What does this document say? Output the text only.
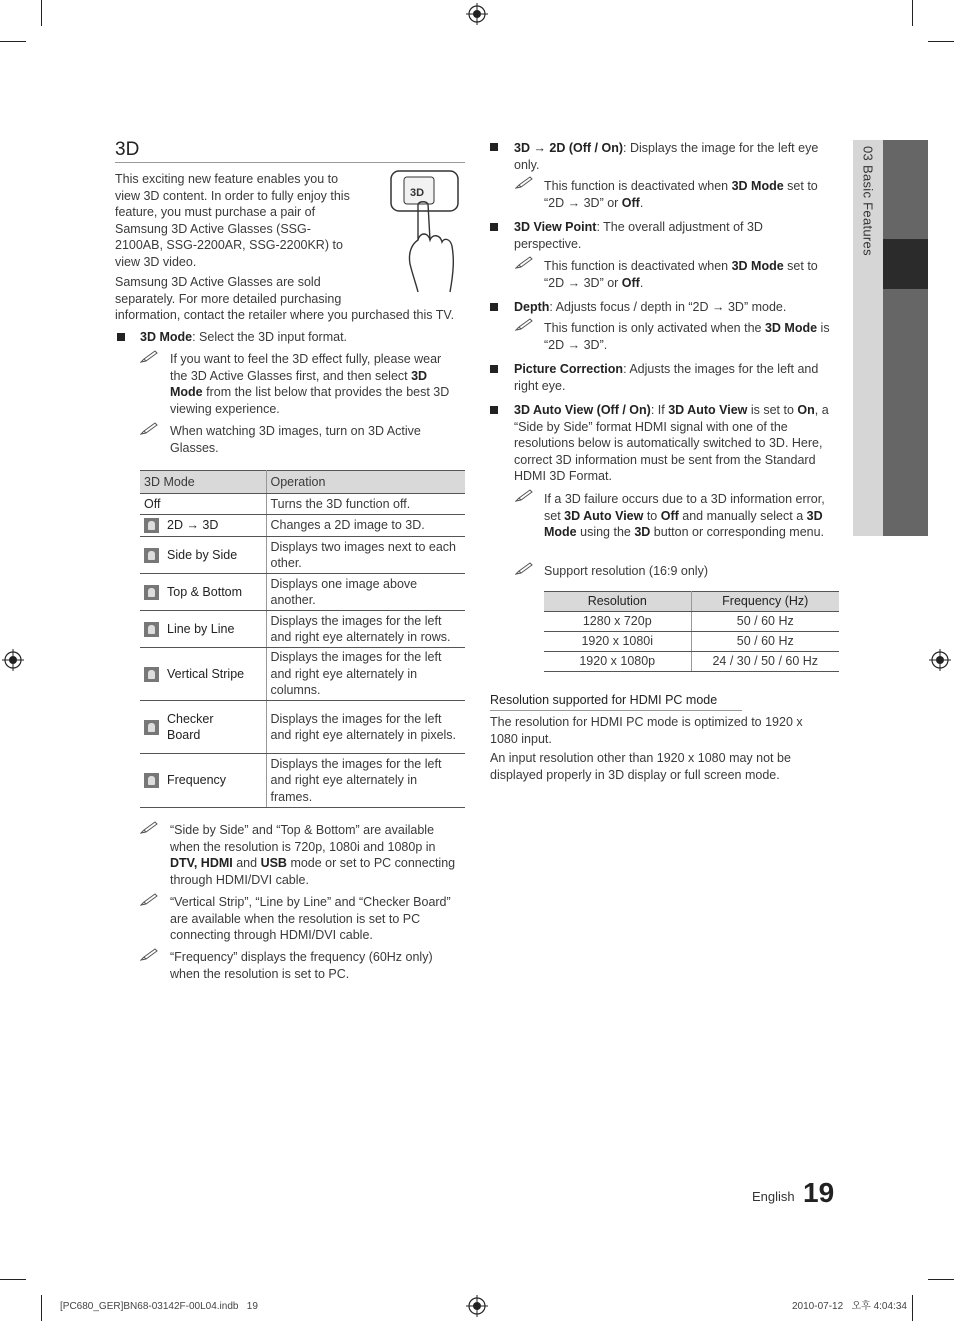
3D
This exciting new feature enables you to view 3D content. In order to fully enjoy this feature, you must purchase a pair of Samsung 3D Active Glasses (SSG-2100AB, SSG-2200AR, SSG-2200KR) to view 3D video.
Samsung 3D Active Glasses are sold separately. For more detailed purchasing
information, contact the retailer where you purchased this TV.
3D
3D Mode: Select the 3D input format.
If you want to feel the 3D effect fully, please wear the 3D Active Glasses first, and then select 3D Mode from the list below that provides the best 3D viewing experience.
When watching 3D images, turn on 3D Active Glasses.
3D Mode	Operation
Off	Turns the 3D function off.
2D → 3D	Changes a 2D image to 3D.
Side by Side	Displays two images next to each other.
Top & Bottom	Displays one image above another.
Line by Line	Displays the images for the left and right eye alternately in rows.
Vertical Stripe	Displays the images for the left and right eye alternately in columns.
Checker Board	Displays the images for the left and right eye alternately in pixels.
Frequency	Displays the images for the left and right eye alternately in frames.
“Side by Side” and “Top & Bottom” are available when the resolution is 720p, 1080i and 1080p in DTV, HDMI and USB mode or set to PC connecting through HDMI/DVI cable.
“Vertical Strip”, “Line by Line” and “Checker Board” are available when the resolution is set to PC connecting through HDMI/DVI cable.
“Frequency” displays the frequency (60Hz only) when the resolution is set to PC.
3D → 2D (Off / On): Displays the image for the left eye only.
This function is deactivated when 3D Mode set to “2D → 3D” or Off.
3D View Point: The overall adjustment of 3D perspective.
This function is deactivated when 3D Mode set to “2D → 3D” or Off.
Depth: Adjusts focus / depth in “2D → 3D” mode.
This function is only activated when the 3D Mode is “2D → 3D”.
Picture Correction: Adjusts the images for the left and right eye.
3D Auto View (Off / On): If 3D Auto View is set to On, a “Side by Side” format HDMI signal with one of the resolutions below is automatically switched to 3D. Here, correct 3D information must be sent from the Standard HDMI 3D Format.
If a 3D failure occurs due to a 3D information error, set 3D Auto View to Off and manually select a 3D Mode using the 3D button or corresponding menu.
Support resolution (16:9 only)
Resolution	Frequency (Hz)
1280 x 720p	50 / 60 Hz
1920 x 1080i	50 / 60 Hz
1920 x 1080p	24 / 30 / 50 / 60 Hz
Resolution supported for HDMI PC mode
The resolution for HDMI PC mode is optimized to 1920 x 1080 input.
An input resolution other than 1920 x 1080 may not be displayed properly in 3D display or full screen mode.
03 Basic Features
English 19
[PC680_GER]BN68-03142F-00L04.indb   19	2010-07-12   오후 4:04:34
